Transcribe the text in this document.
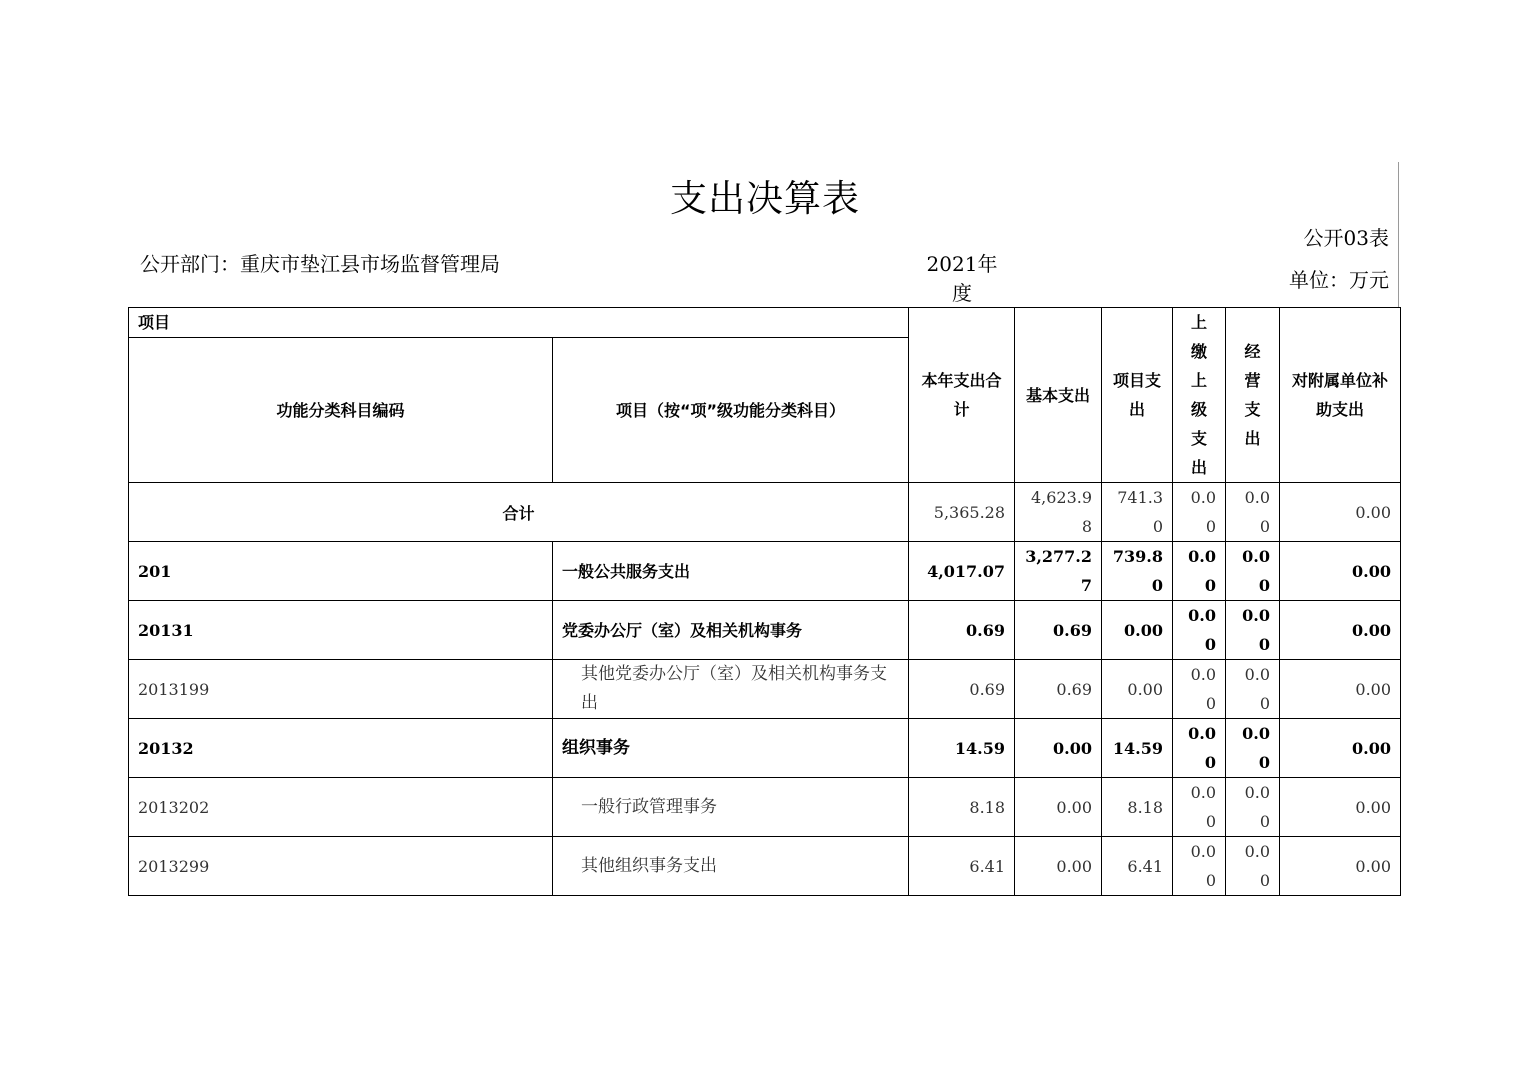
支出决算表
公开03表
公开部门：重庆市垫江县市场监督管理局	2021年度
单位：万元
项目		本年支出合计	基本支出	项目支出	上缴上级支出	经营支出	对附属单位补助支出
功能分类科目编码	项目（按“项”级功能分类科目）						
合计		5,365.28	4,623.98	741.30	0.00	0.00	0.00
201	一般公共服务支出	4,017.07	3,277.27	739.80	0.00	0.00	0.00
20131	党委办公厅（室）及相关机构事务	0.69	0.69	0.00	0.00	0.00	0.00
2013199	其他党委办公厅（室）及相关机构事务支出	0.69	0.69	0.00	0.00	0.00	0.00
20132	组织事务	14.59	0.00	14.59	0.00	0.00	0.00
2013202	一般行政管理事务	8.18	0.00	8.18	0.00	0.00	0.00
2013299	其他组织事务支出	6.41	0.00	6.41	0.00	0.00	0.00
